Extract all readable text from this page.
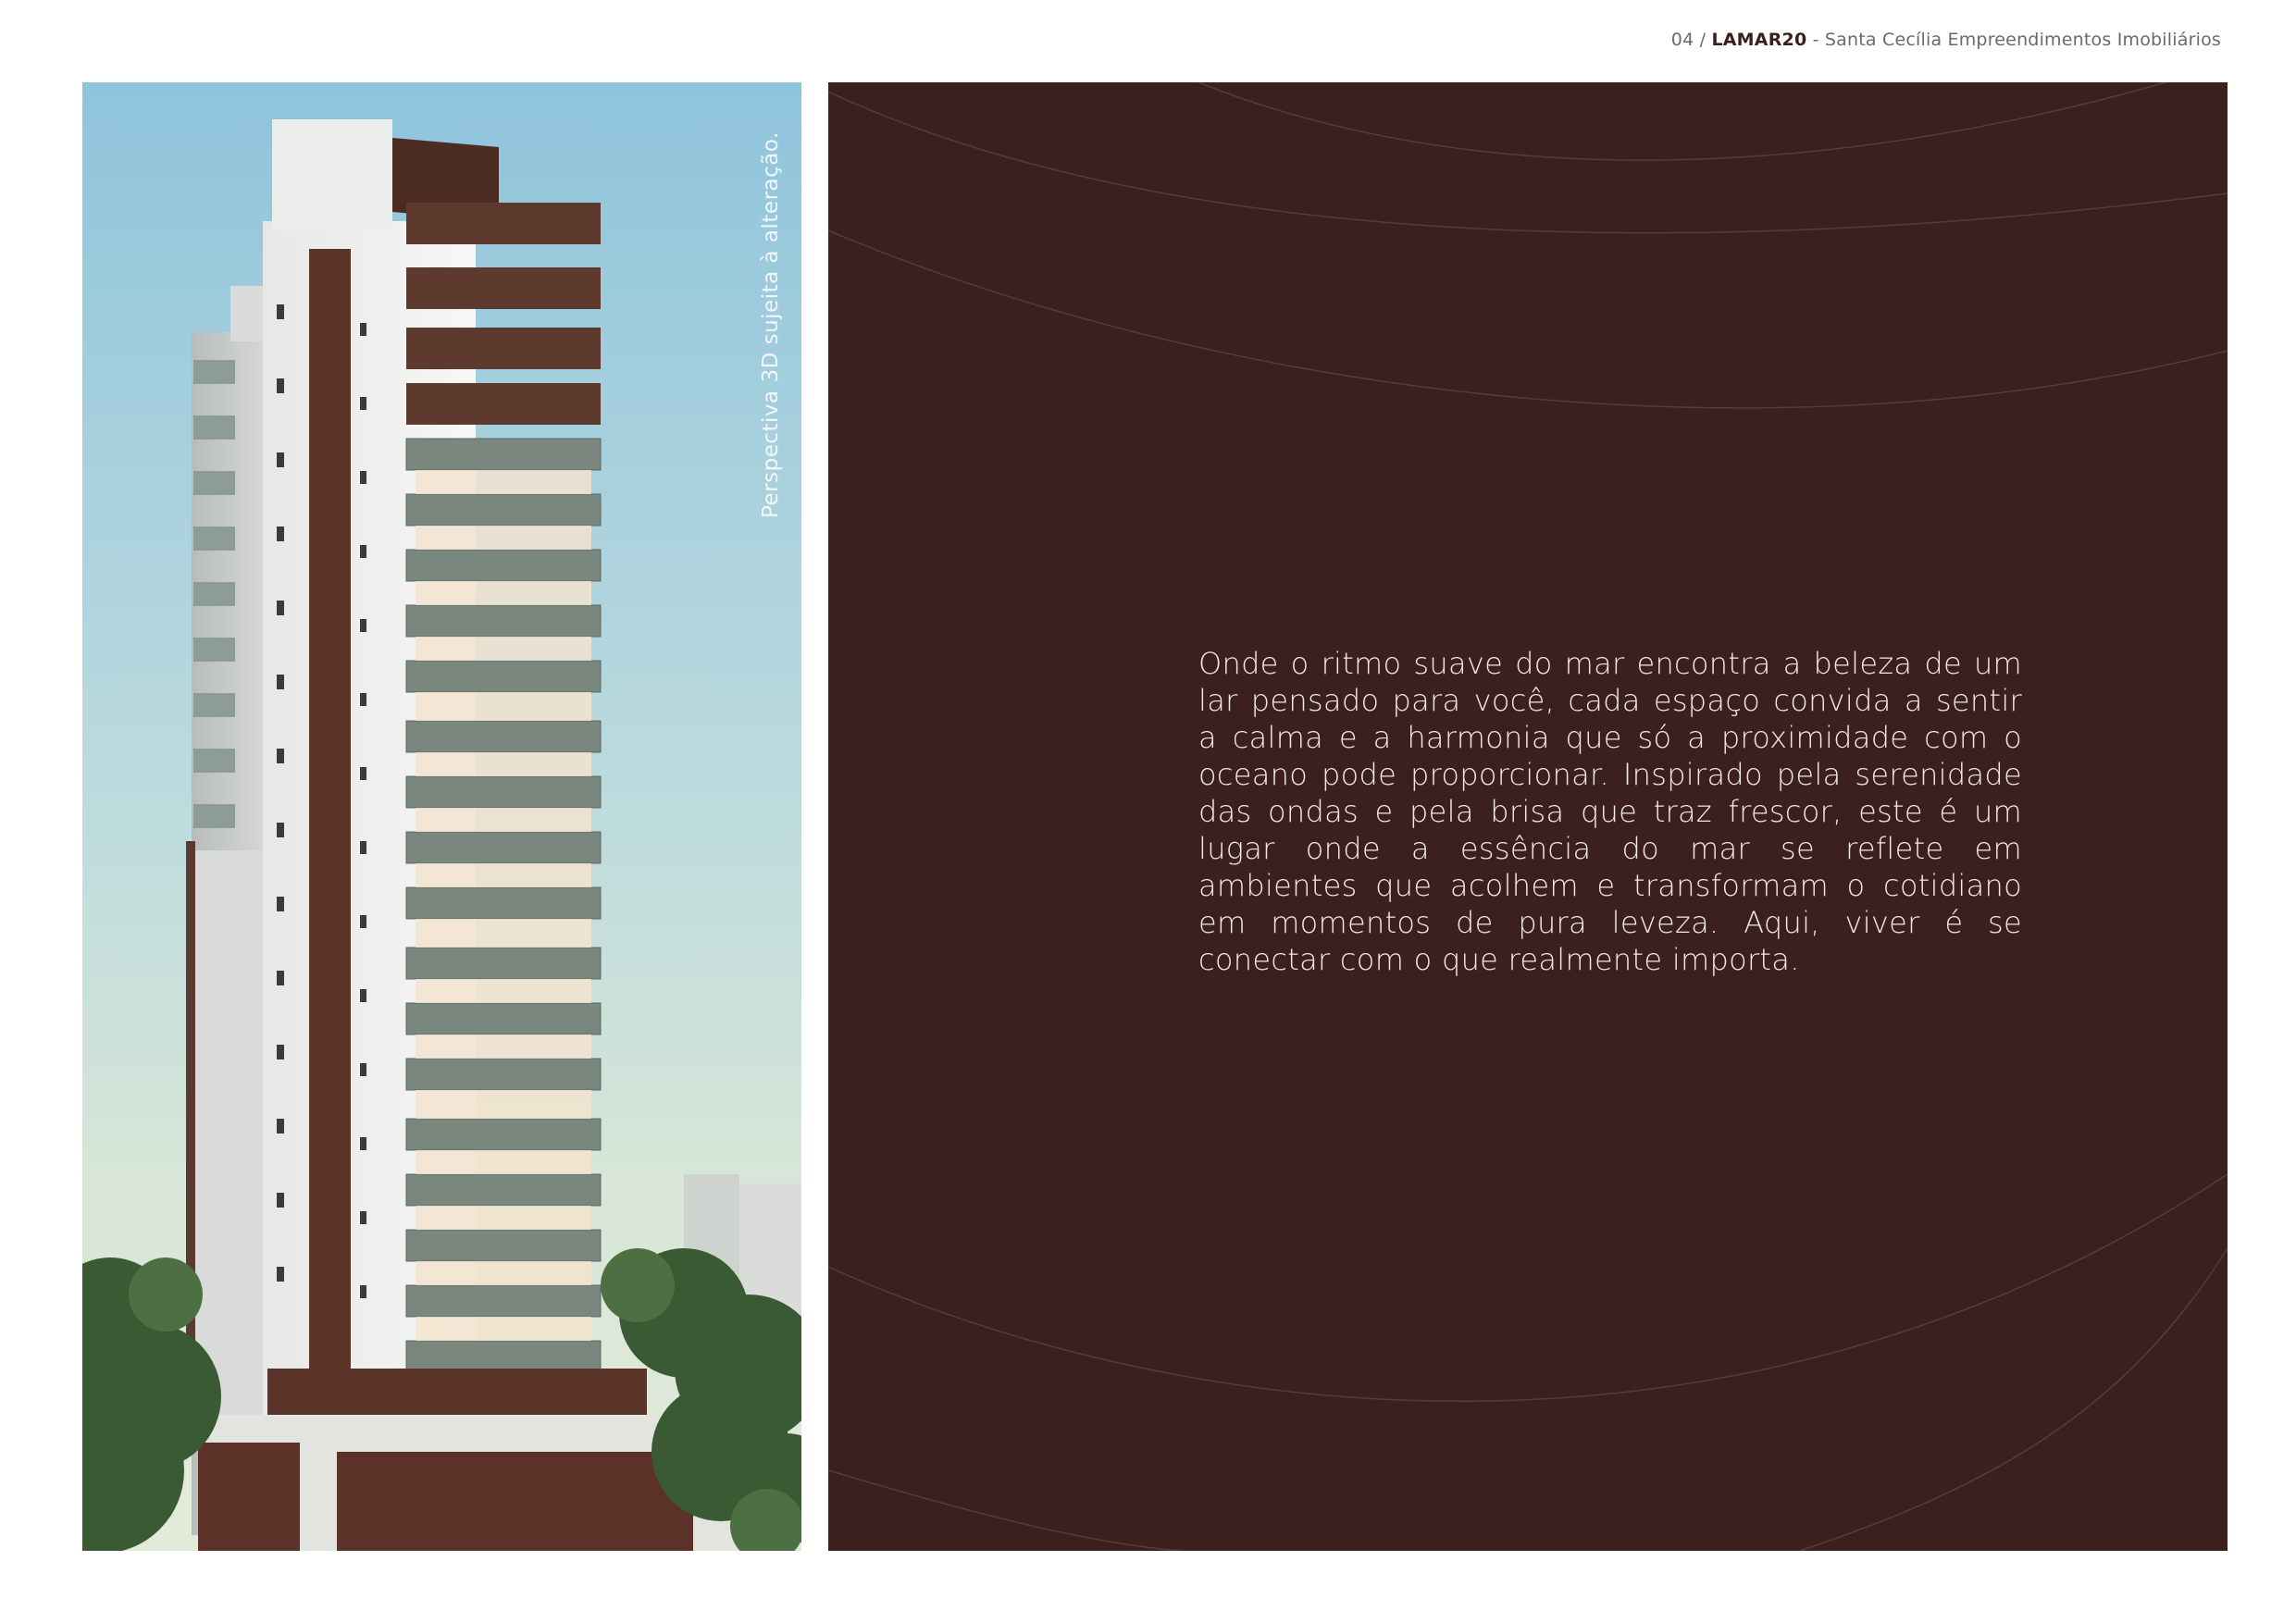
04 / LAMAR20 - Santa Cecília Empreendimentos Imobiliários
Perspectiva 3D sujeita à alteração.
Onde o ritmo suave do mar encontra a beleza de um lar pensado para você, cada espaço convida a sentir a calma e a harmonia que só a proximidade com o oceano pode proporcionar. Inspirado pela serenidade das ondas e pela brisa que traz frescor, este é um lugar onde a essência do mar se reflete em ambientes que acolhem e transformam o cotidiano em momentos de pura leveza. Aqui, viver é se conectar com o que realmente importa.
